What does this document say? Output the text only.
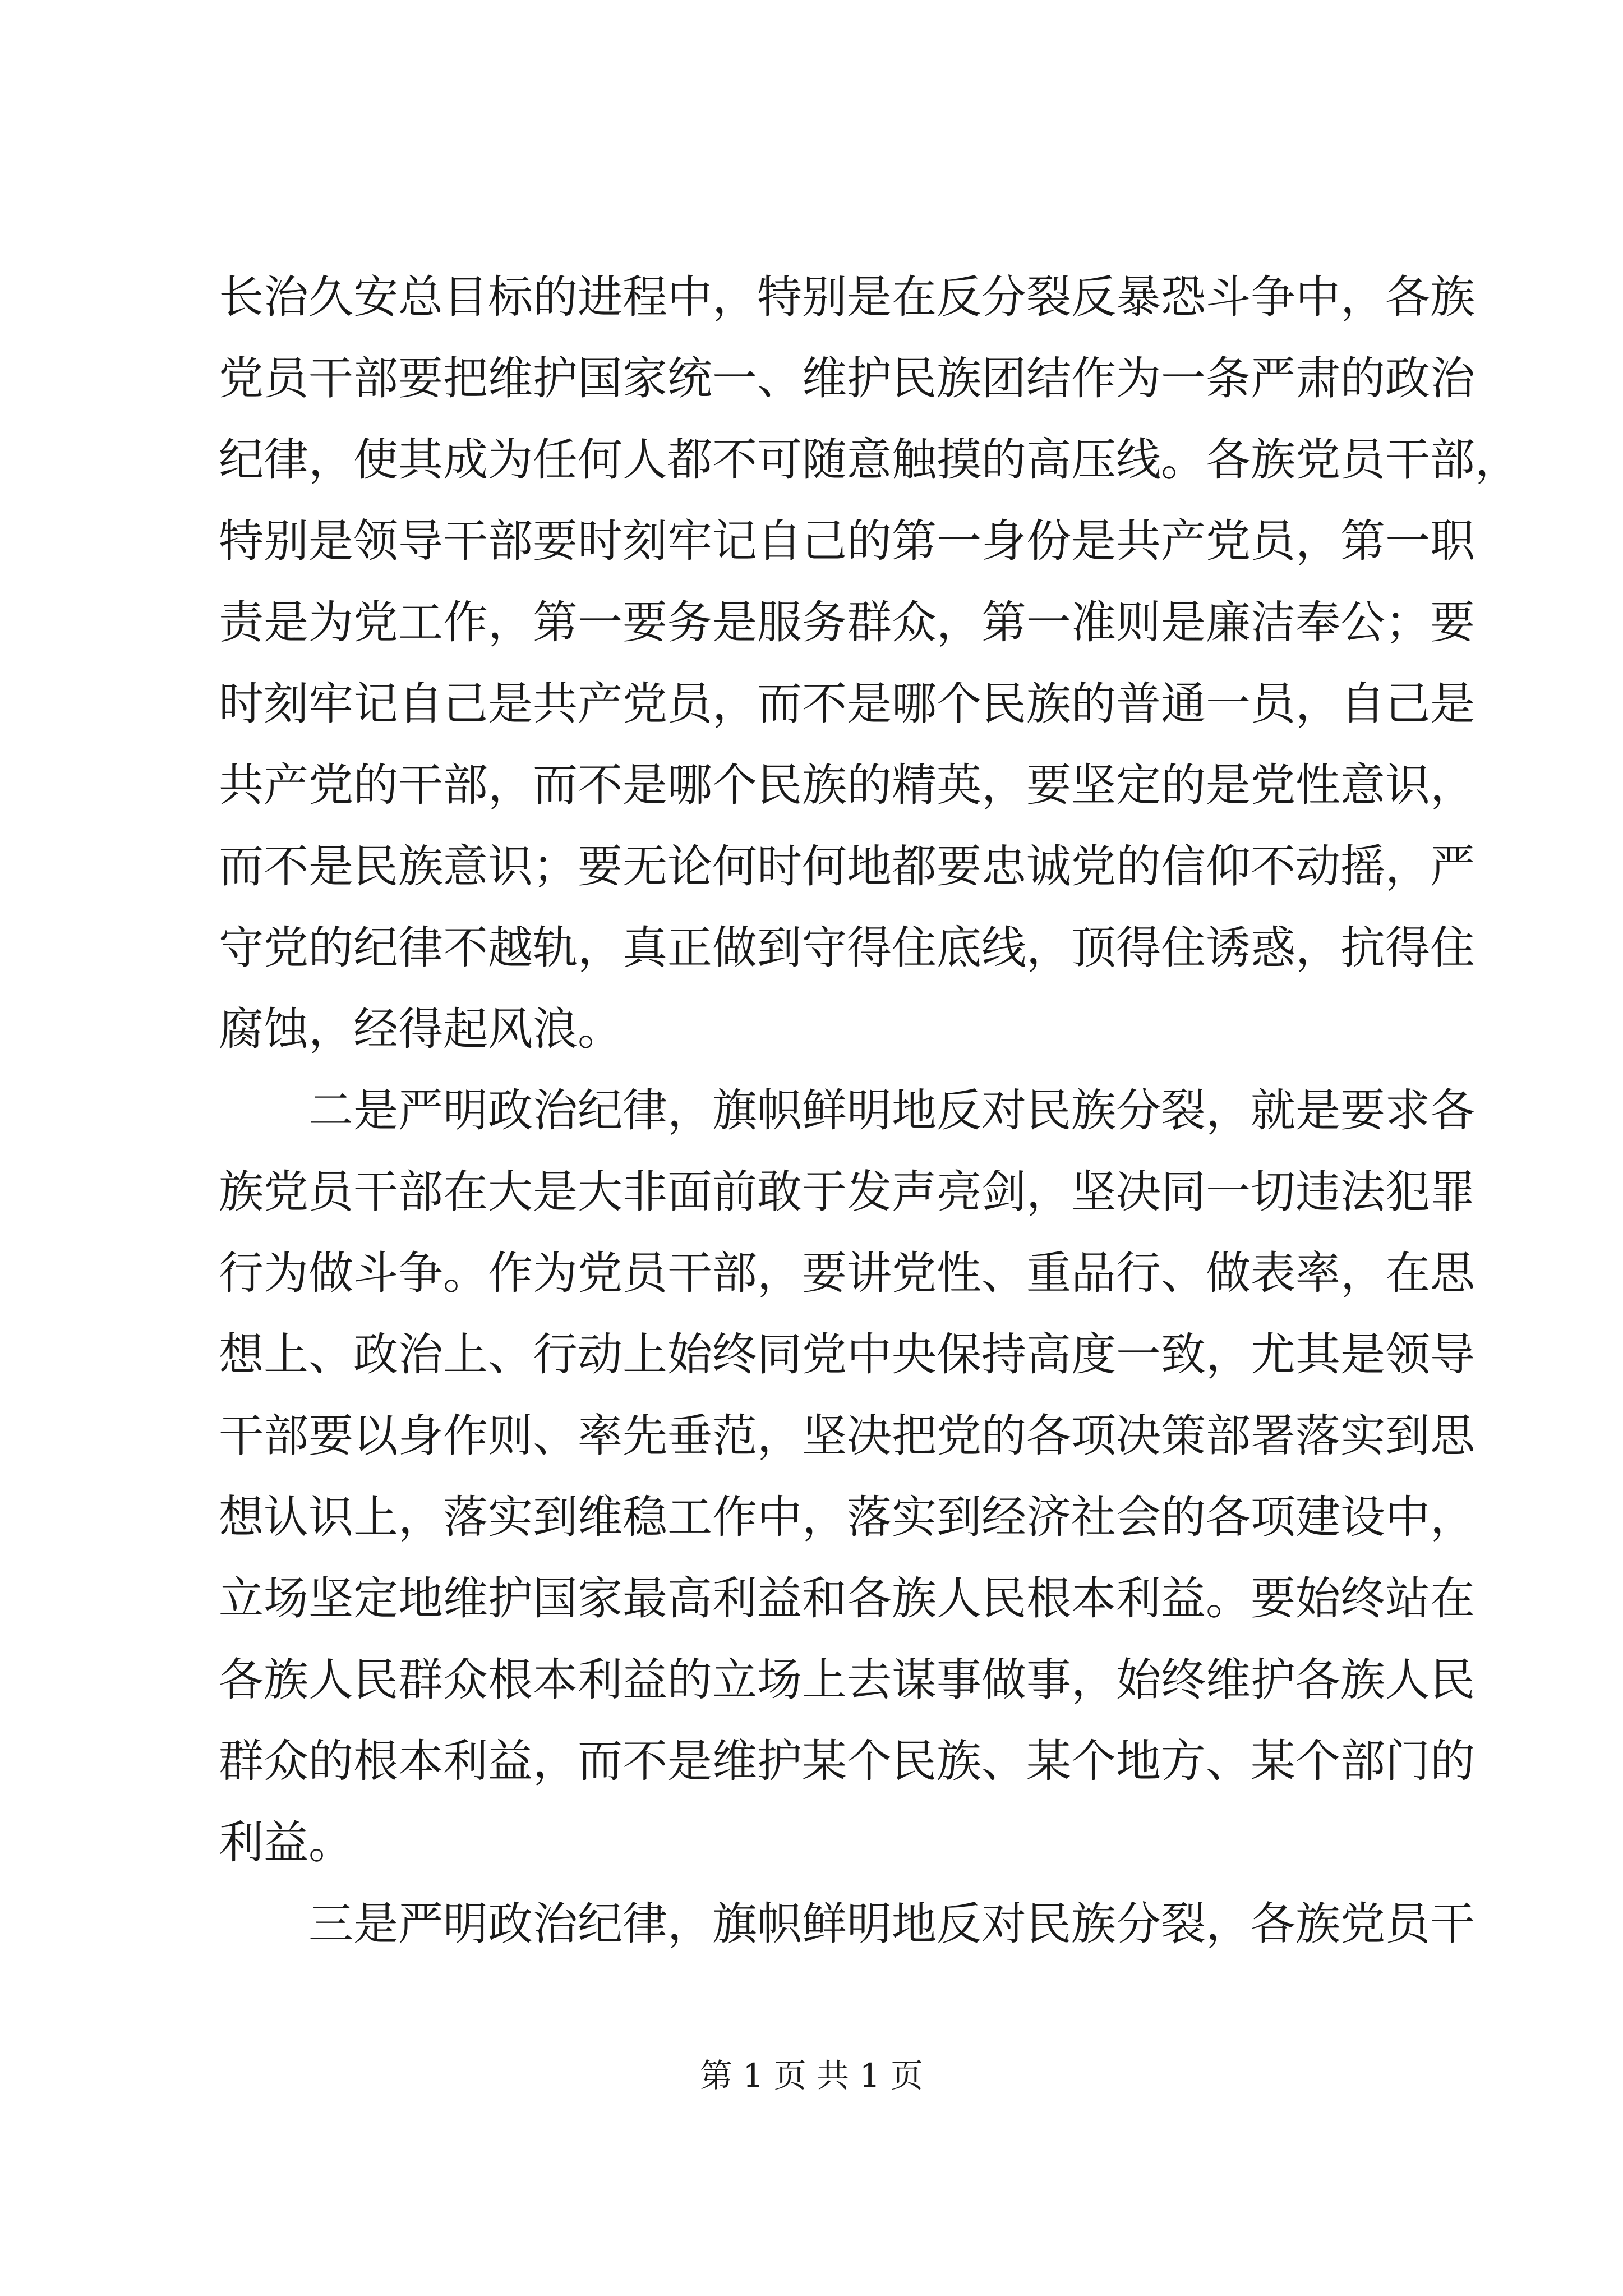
长治久安总目标的进程中，特别是在反分裂反暴恐斗争中，各族
党员干部要把维护国家统一、维护民族团结作为一条严肃的政治
纪律，使其成为任何人都不可随意触摸的高压线。各族党员干部，
特别是领导干部要时刻牢记自己的第一身份是共产党员，第一职
责是为党工作，第一要务是服务群众，第一准则是廉洁奉公；要
时刻牢记自己是共产党员，而不是哪个民族的普通一员，自己是
共产党的干部，而不是哪个民族的精英，要坚定的是党性意识，
而不是民族意识；要无论何时何地都要忠诚党的信仰不动摇，严
守党的纪律不越轨，真正做到守得住底线，顶得住诱惑，抗得住
腐蚀，经得起风浪。
二是严明政治纪律，旗帜鲜明地反对民族分裂，就是要求各
族党员干部在大是大非面前敢于发声亮剑，坚决同一切违法犯罪
行为做斗争。作为党员干部，要讲党性、重品行、做表率，在思
想上、政治上、行动上始终同党中央保持高度一致，尤其是领导
干部要以身作则、率先垂范，坚决把党的各项决策部署落实到思
想认识上，落实到维稳工作中，落实到经济社会的各项建设中，
立场坚定地维护国家最高利益和各族人民根本利益。要始终站在
各族人民群众根本利益的立场上去谋事做事，始终维护各族人民
群众的根本利益，而不是维护某个民族、某个地方、某个部门的
利益。
三是严明政治纪律，旗帜鲜明地反对民族分裂，各族党员干
第 1 页 共 1 页
